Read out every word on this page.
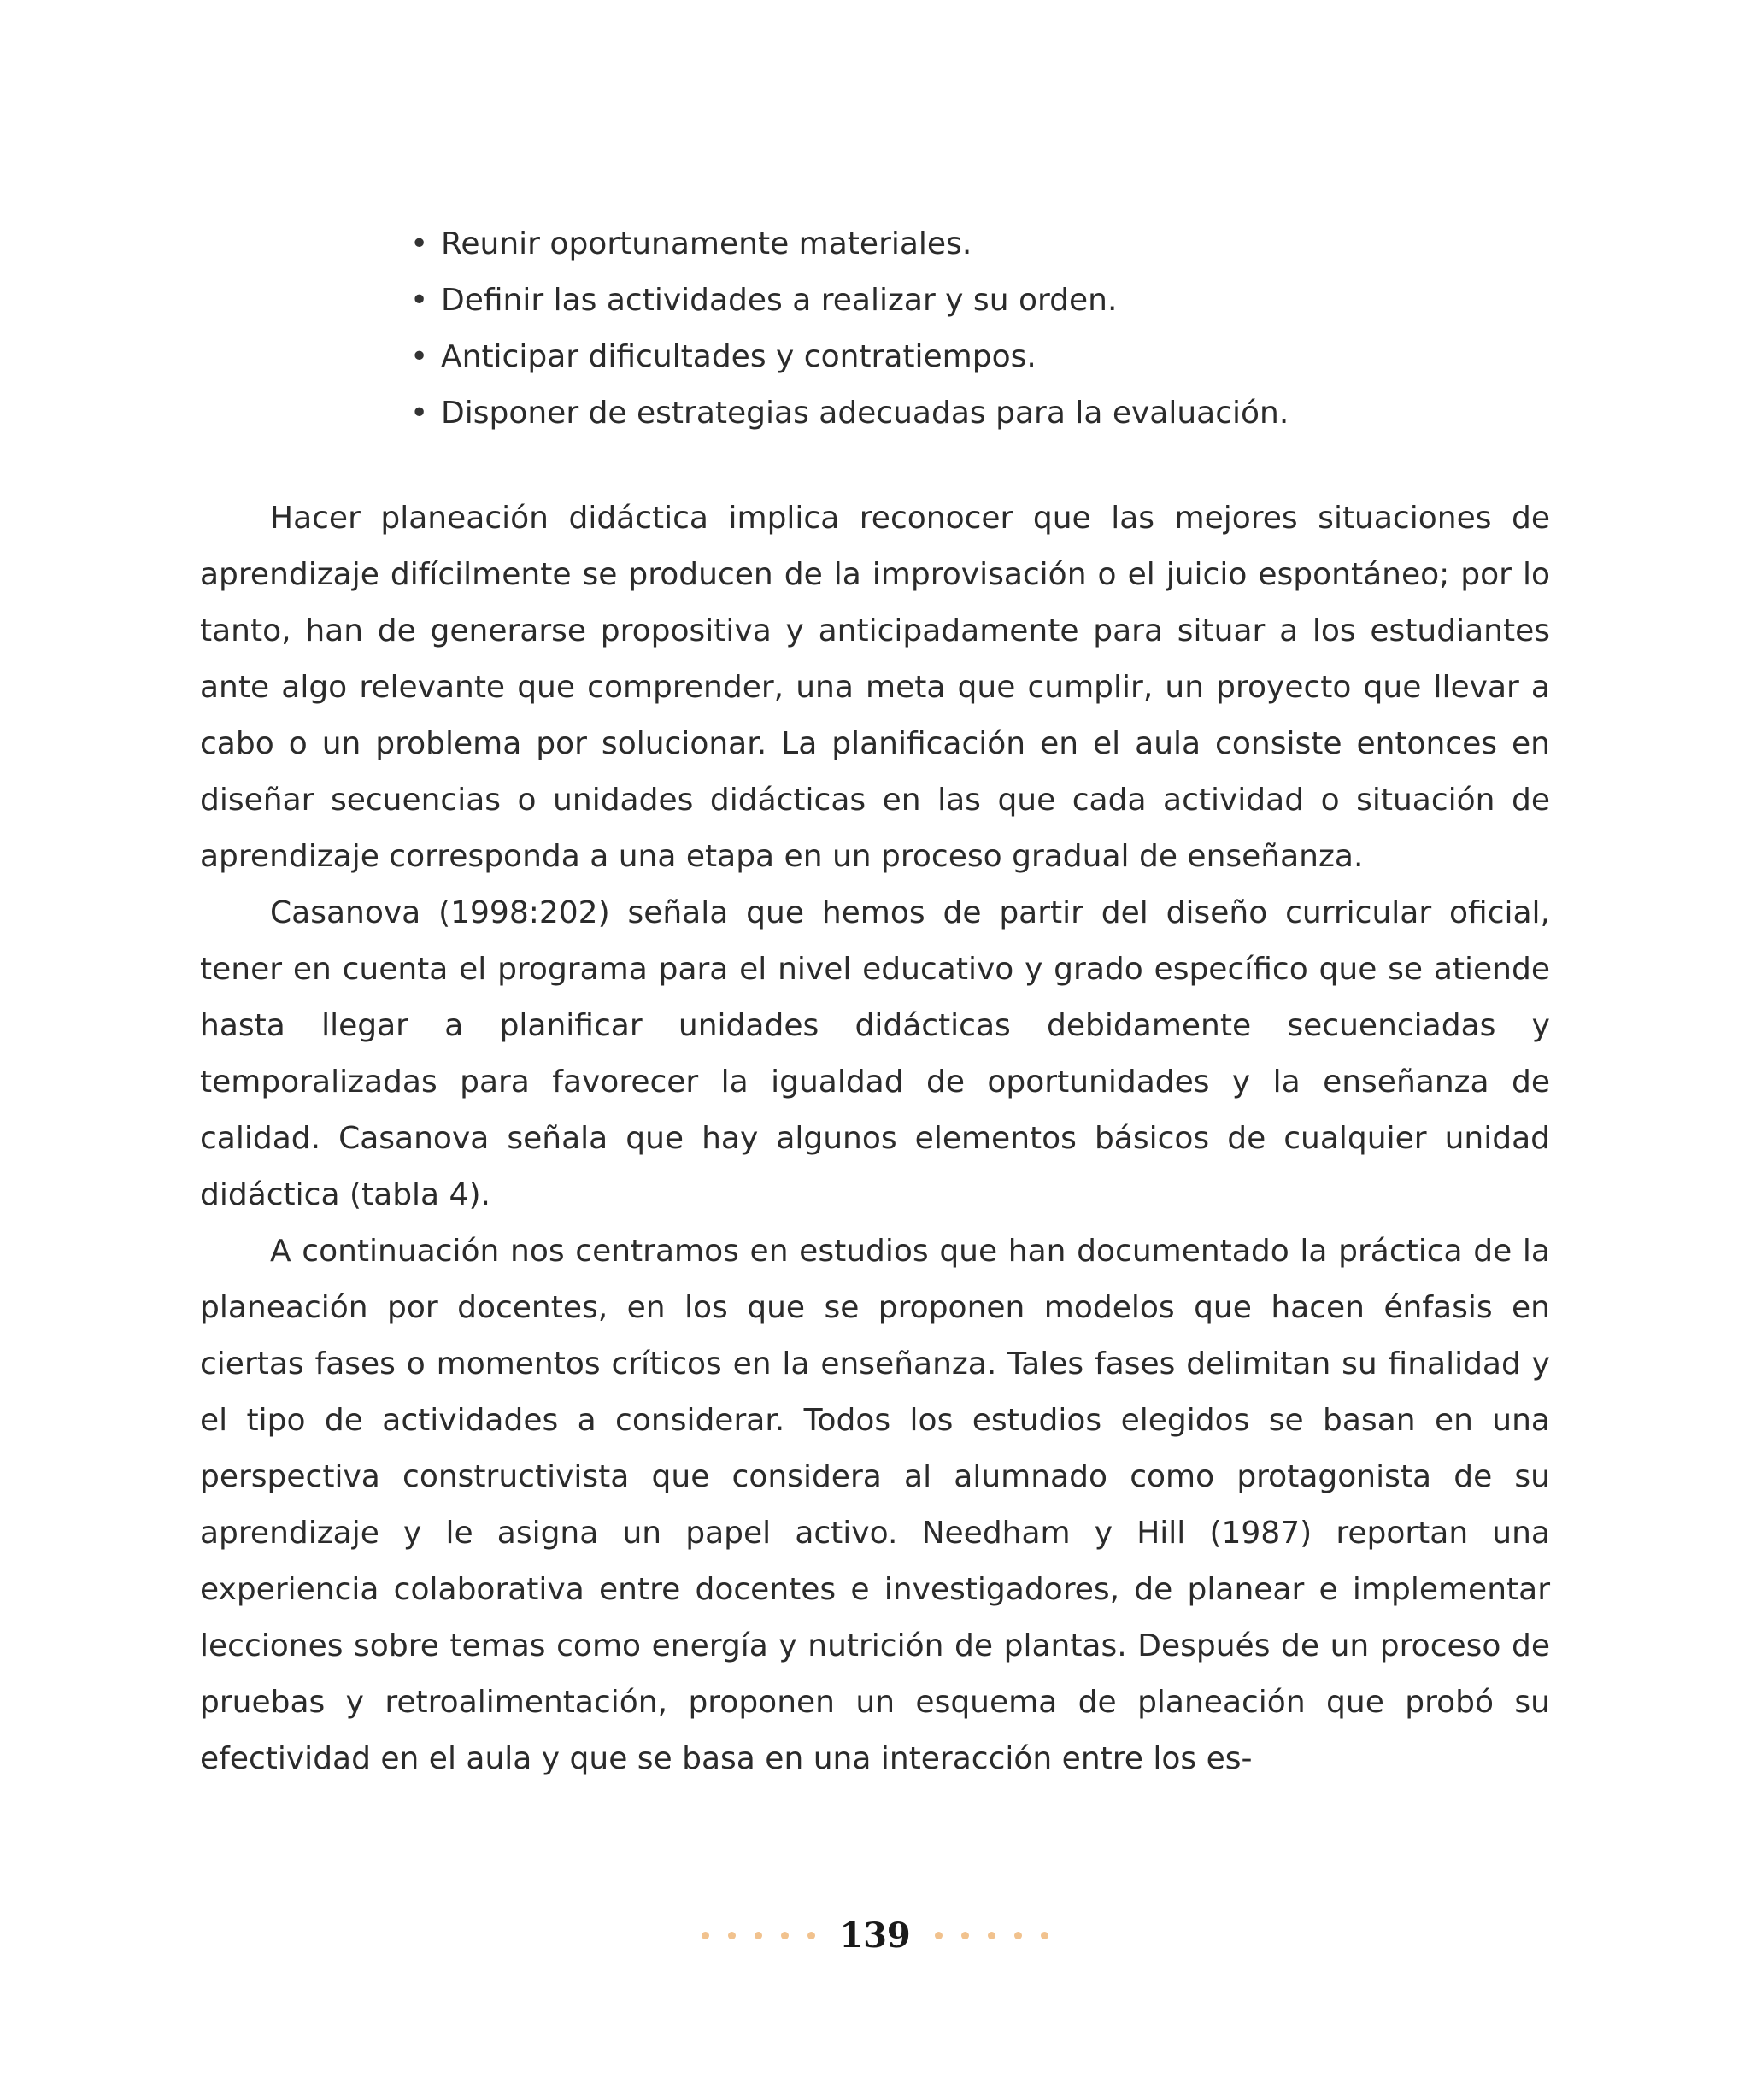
• Reunir oportunamente materiales.
• Definir las actividades a realizar y su orden.
• Anticipar dificultades y contratiempos.
• Disponer de estrategias adecuadas para la evaluación.

Hacer planeación didáctica implica reconocer que las mejores situaciones de aprendizaje difícilmente se producen de la improvisación o el juicio espontáneo; por lo tanto, han de generarse propositiva y anticipadamente para situar a los estudiantes ante algo relevante que comprender, una meta que cumplir, un proyecto que llevar a cabo o un problema por solucionar. La planificación en el aula consiste entonces en diseñar secuencias o unidades didácticas en las que cada actividad o situación de aprendizaje corresponda a una etapa en un proceso gradual de enseñanza.

Casanova (1998:202) señala que hemos de partir del diseño curricular oficial, tener en cuenta el programa para el nivel educativo y grado específico que se atiende hasta llegar a planificar unidades didácticas debidamente secuenciadas y temporalizadas para favorecer la igualdad de oportunidades y la enseñanza de calidad. Casanova señala que hay algunos elementos básicos de cualquier unidad didáctica (tabla 4).

A continuación nos centramos en estudios que han documentado la práctica de la planeación por docentes, en los que se proponen modelos que hacen énfasis en ciertas fases o momentos críticos en la enseñanza. Tales fases delimitan su finalidad y el tipo de actividades a considerar. Todos los estudios elegidos se basan en una perspectiva constructivista que considera al alumnado como protagonista de su aprendizaje y le asigna un papel activo. Needham y Hill (1987) reportan una experiencia colaborativa entre docentes e investigadores, de planear e implementar lecciones sobre temas como energía y nutrición de plantas. Después de un proceso de pruebas y retroalimentación, proponen un esquema de planeación que probó su efectividad en el aula y que se basa en una interacción entre los es-

139
